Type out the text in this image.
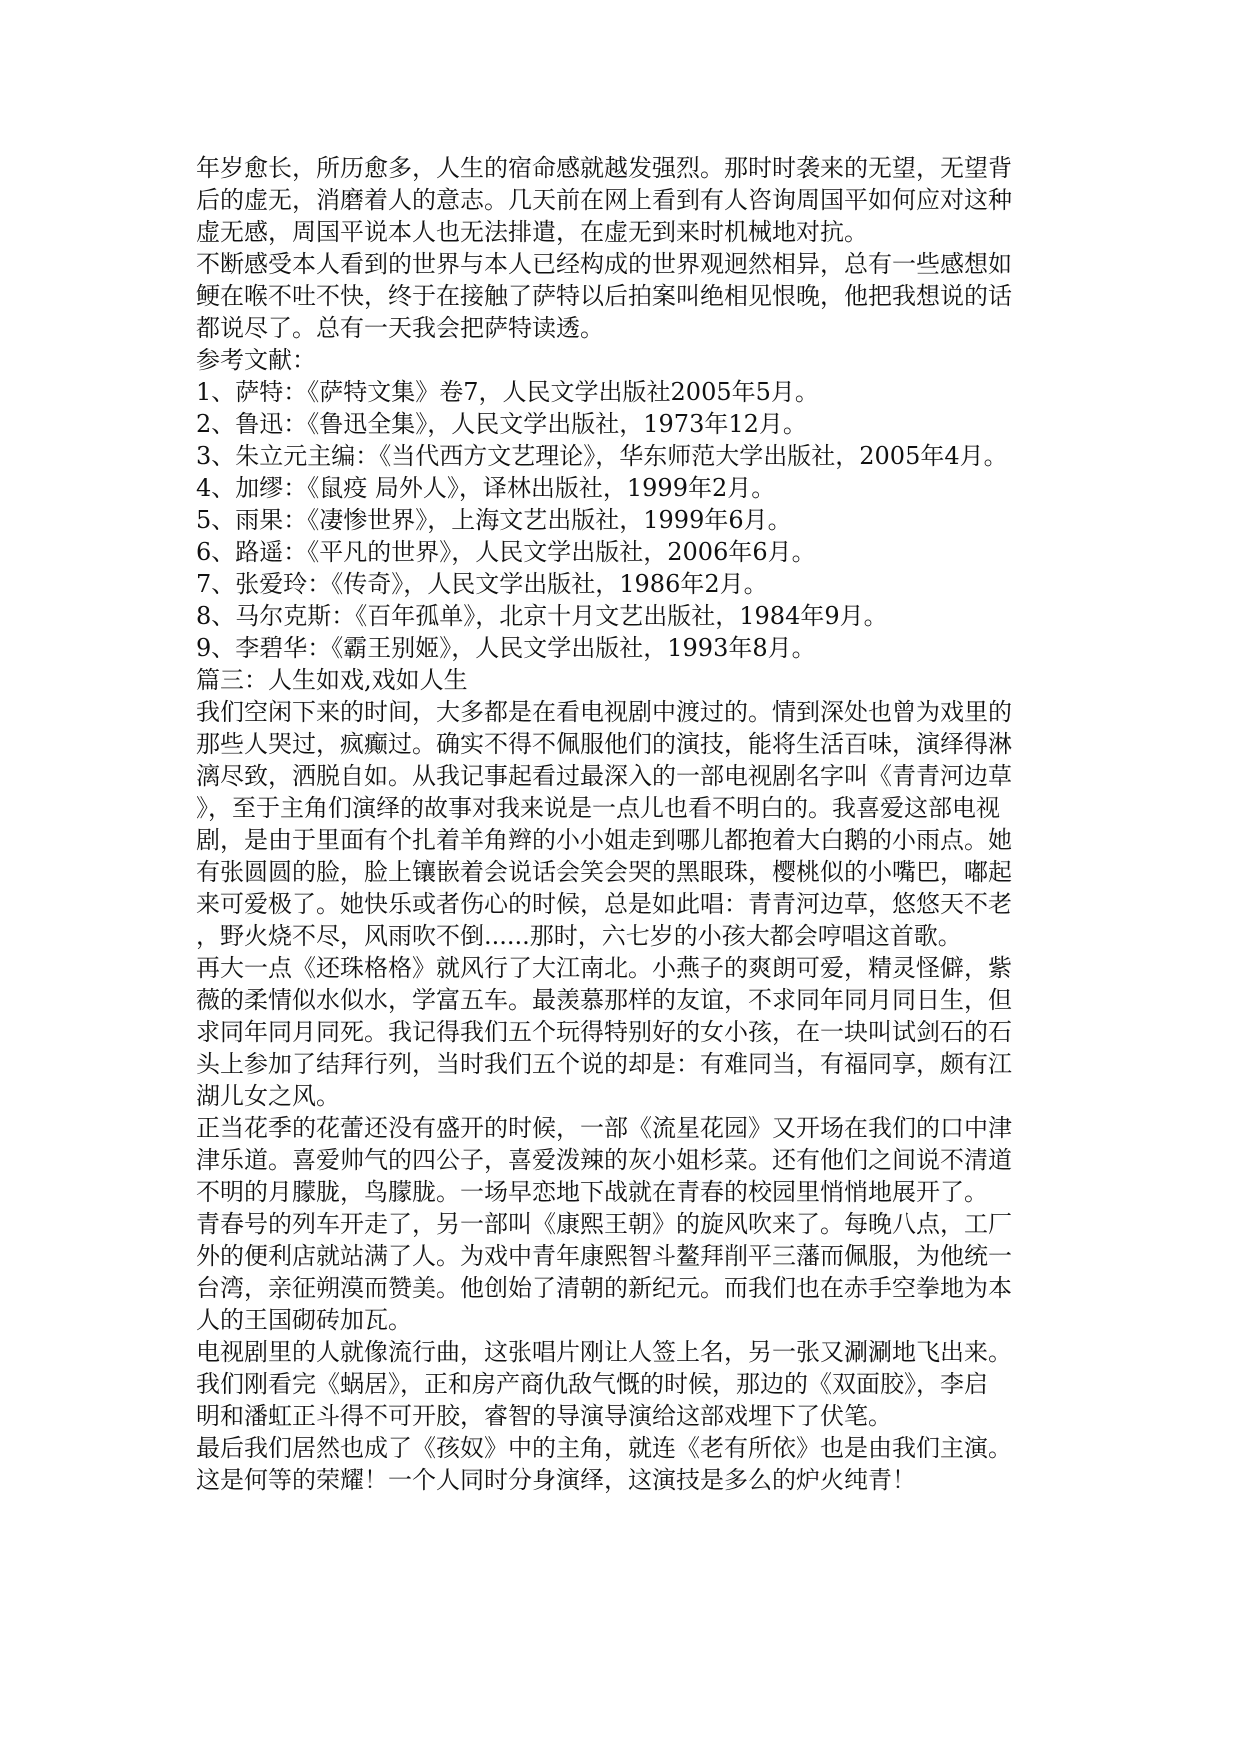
年岁愈长，所历愈多，人生的宿命感就越发强烈。那时时袭来的无望，无望背
后的虚无，消磨着人的意志。几天前在网上看到有人咨询周国平如何应对这种
虚无感，周国平说本人也无法排遣，在虚无到来时机械地对抗。
不断感受本人看到的世界与本人已经构成的世界观迥然相异，总有一些感想如
鲠在喉不吐不快，终于在接触了萨特以后拍案叫绝相见恨晚，他把我想说的话
都说尽了。总有一天我会把萨特读透。
参考文献：
1、萨特：《萨特文集》卷7，人民文学出版社2005年5月。
2、鲁迅：《鲁迅全集》，人民文学出版社，1973年12月。
3、朱立元主编：《当代西方文艺理论》，华东师范大学出版社，2005年4月。
4、加缪：《鼠疫 局外人》，译林出版社，1999年2月。
5、雨果：《凄惨世界》，上海文艺出版社，1999年6月。
6、路遥：《平凡的世界》，人民文学出版社，2006年6月。
7、张爱玲：《传奇》，人民文学出版社，1986年2月。
8、马尔克斯：《百年孤单》，北京十月文艺出版社，1984年9月。
9、李碧华：《霸王别姬》，人民文学出版社，1993年8月。
篇三：人生如戏,戏如人生
我们空闲下来的时间，大多都是在看电视剧中渡过的。情到深处也曾为戏里的
那些人哭过，疯癫过。确实不得不佩服他们的演技，能将生活百味，演绎得淋
漓尽致，洒脱自如。从我记事起看过最深入的一部电视剧名字叫《青青河边草
》，至于主角们演绎的故事对我来说是一点儿也看不明白的。我喜爱这部电视
剧，是由于里面有个扎着羊角辫的小小姐走到哪儿都抱着大白鹅的小雨点。她
有张圆圆的脸，脸上镶嵌着会说话会笑会哭的黑眼珠，樱桃似的小嘴巴，嘟起
来可爱极了。她快乐或者伤心的时候，总是如此唱：青青河边草，悠悠天不老
，野火烧不尽，风雨吹不倒......那时，六七岁的小孩大都会哼唱这首歌。
再大一点《还珠格格》就风行了大江南北。小燕子的爽朗可爱，精灵怪僻，紫
薇的柔情似水似水，学富五车。最羡慕那样的友谊，不求同年同月同日生，但
求同年同月同死。我记得我们五个玩得特别好的女小孩，在一块叫试剑石的石
头上参加了结拜行列，当时我们五个说的却是：有难同当，有福同享，颇有江
湖儿女之风。
正当花季的花蕾还没有盛开的时候，一部《流星花园》又开场在我们的口中津
津乐道。喜爱帅气的四公子，喜爱泼辣的灰小姐杉菜。还有他们之间说不清道
不明的月朦胧，鸟朦胧。一场早恋地下战就在青春的校园里悄悄地展开了。
青春号的列车开走了，另一部叫《康熙王朝》的旋风吹来了。每晚八点，工厂
外的便利店就站满了人。为戏中青年康熙智斗鳌拜削平三藩而佩服，为他统一
台湾，亲征朔漠而赞美。他创始了清朝的新纪元。而我们也在赤手空拳地为本
人的王国砌砖加瓦。
电视剧里的人就像流行曲，这张唱片刚让人签上名，另一张又涮涮地飞出来。
我们刚看完《蜗居》，正和房产商仇敌气慨的时候，那边的《双面胶》，李启
明和潘虹正斗得不可开胶，睿智的导演导演给这部戏埋下了伏笔。
最后我们居然也成了《孩奴》中的主角，就连《老有所依》也是由我们主演。
这是何等的荣耀！一个人同时分身演绎，这演技是多么的炉火纯青！
